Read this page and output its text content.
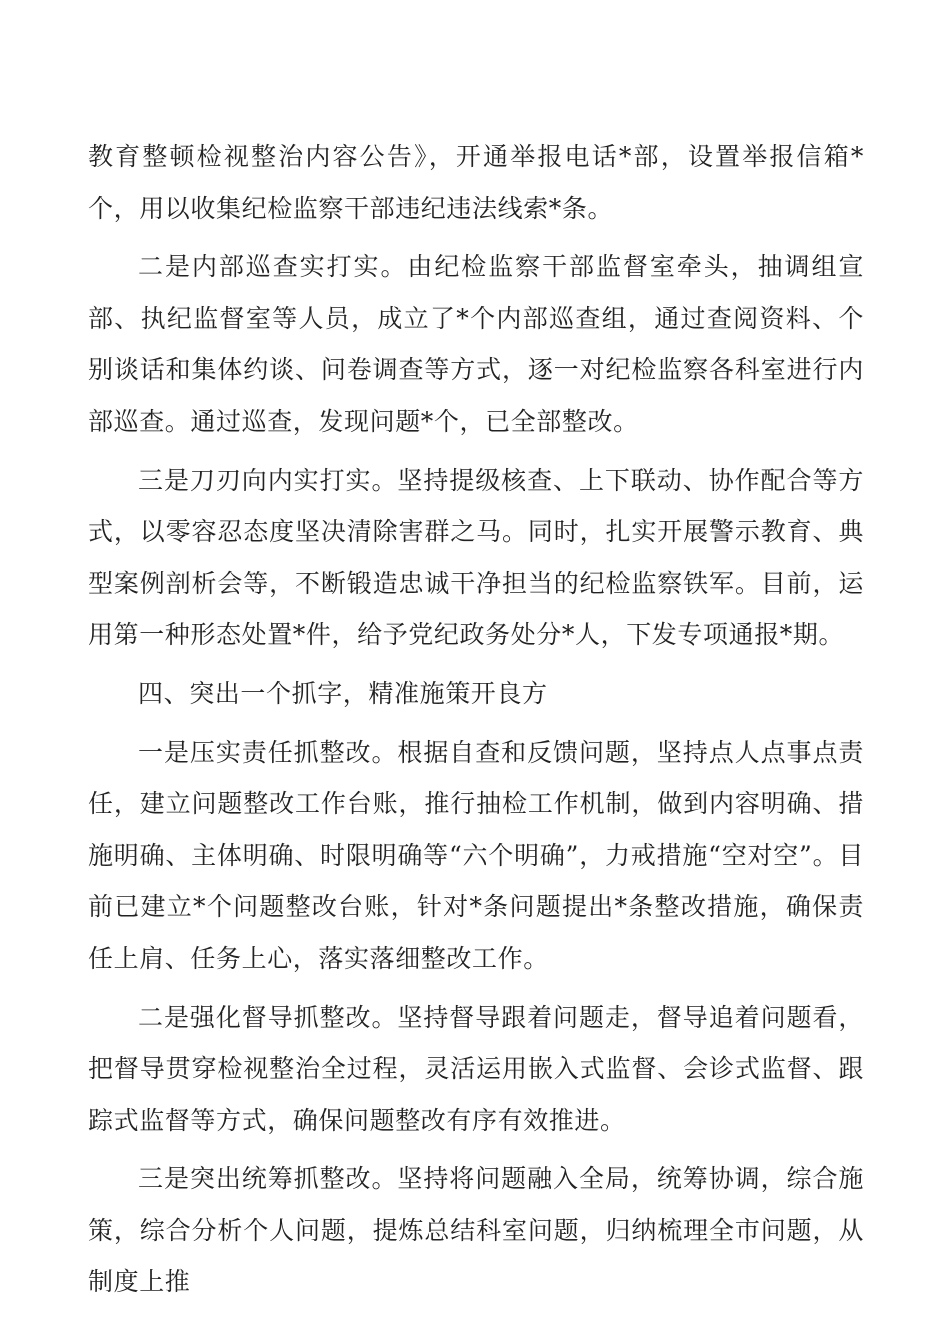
教育整顿检视整治内容公告》，开通举报电话*部，设置举报信箱*个，用以收集纪检监察干部违纪违法线索*条。

二是内部巡查实打实。由纪检监察干部监督室牵头，抽调组宣部、执纪监督室等人员，成立了*个内部巡查组，通过查阅资料、个别谈话和集体约谈、问卷调查等方式，逐一对纪检监察各科室进行内部巡查。通过巡查，发现问题*个，已全部整改。

三是刀刃向内实打实。坚持提级核查、上下联动、协作配合等方式，以零容忍态度坚决清除害群之马。同时，扎实开展警示教育、典型案例剖析会等，不断锻造忠诚干净担当的纪检监察铁军。目前，运用第一种形态处置*件，给予党纪政务处分*人，下发专项通报*期。

四、突出一个抓字，精准施策开良方

一是压实责任抓整改。根据自查和反馈问题，坚持点人点事点责任，建立问题整改工作台账，推行抽检工作机制，做到内容明确、措施明确、主体明确、时限明确等“六个明确”，力戒措施“空对空”。目前已建立*个问题整改台账，针对*条问题提出*条整改措施，确保责任上肩、任务上心，落实落细整改工作。

二是强化督导抓整改。坚持督导跟着问题走，督导追着问题看，把督导贯穿检视整治全过程，灵活运用嵌入式监督、会诊式监督、跟踪式监督等方式，确保问题整改有序有效推进。

三是突出统筹抓整改。坚持将问题融入全局，统筹协调，综合施策，综合分析个人问题，提炼总结科室问题，归纳梳理全市问题，从制度上推
